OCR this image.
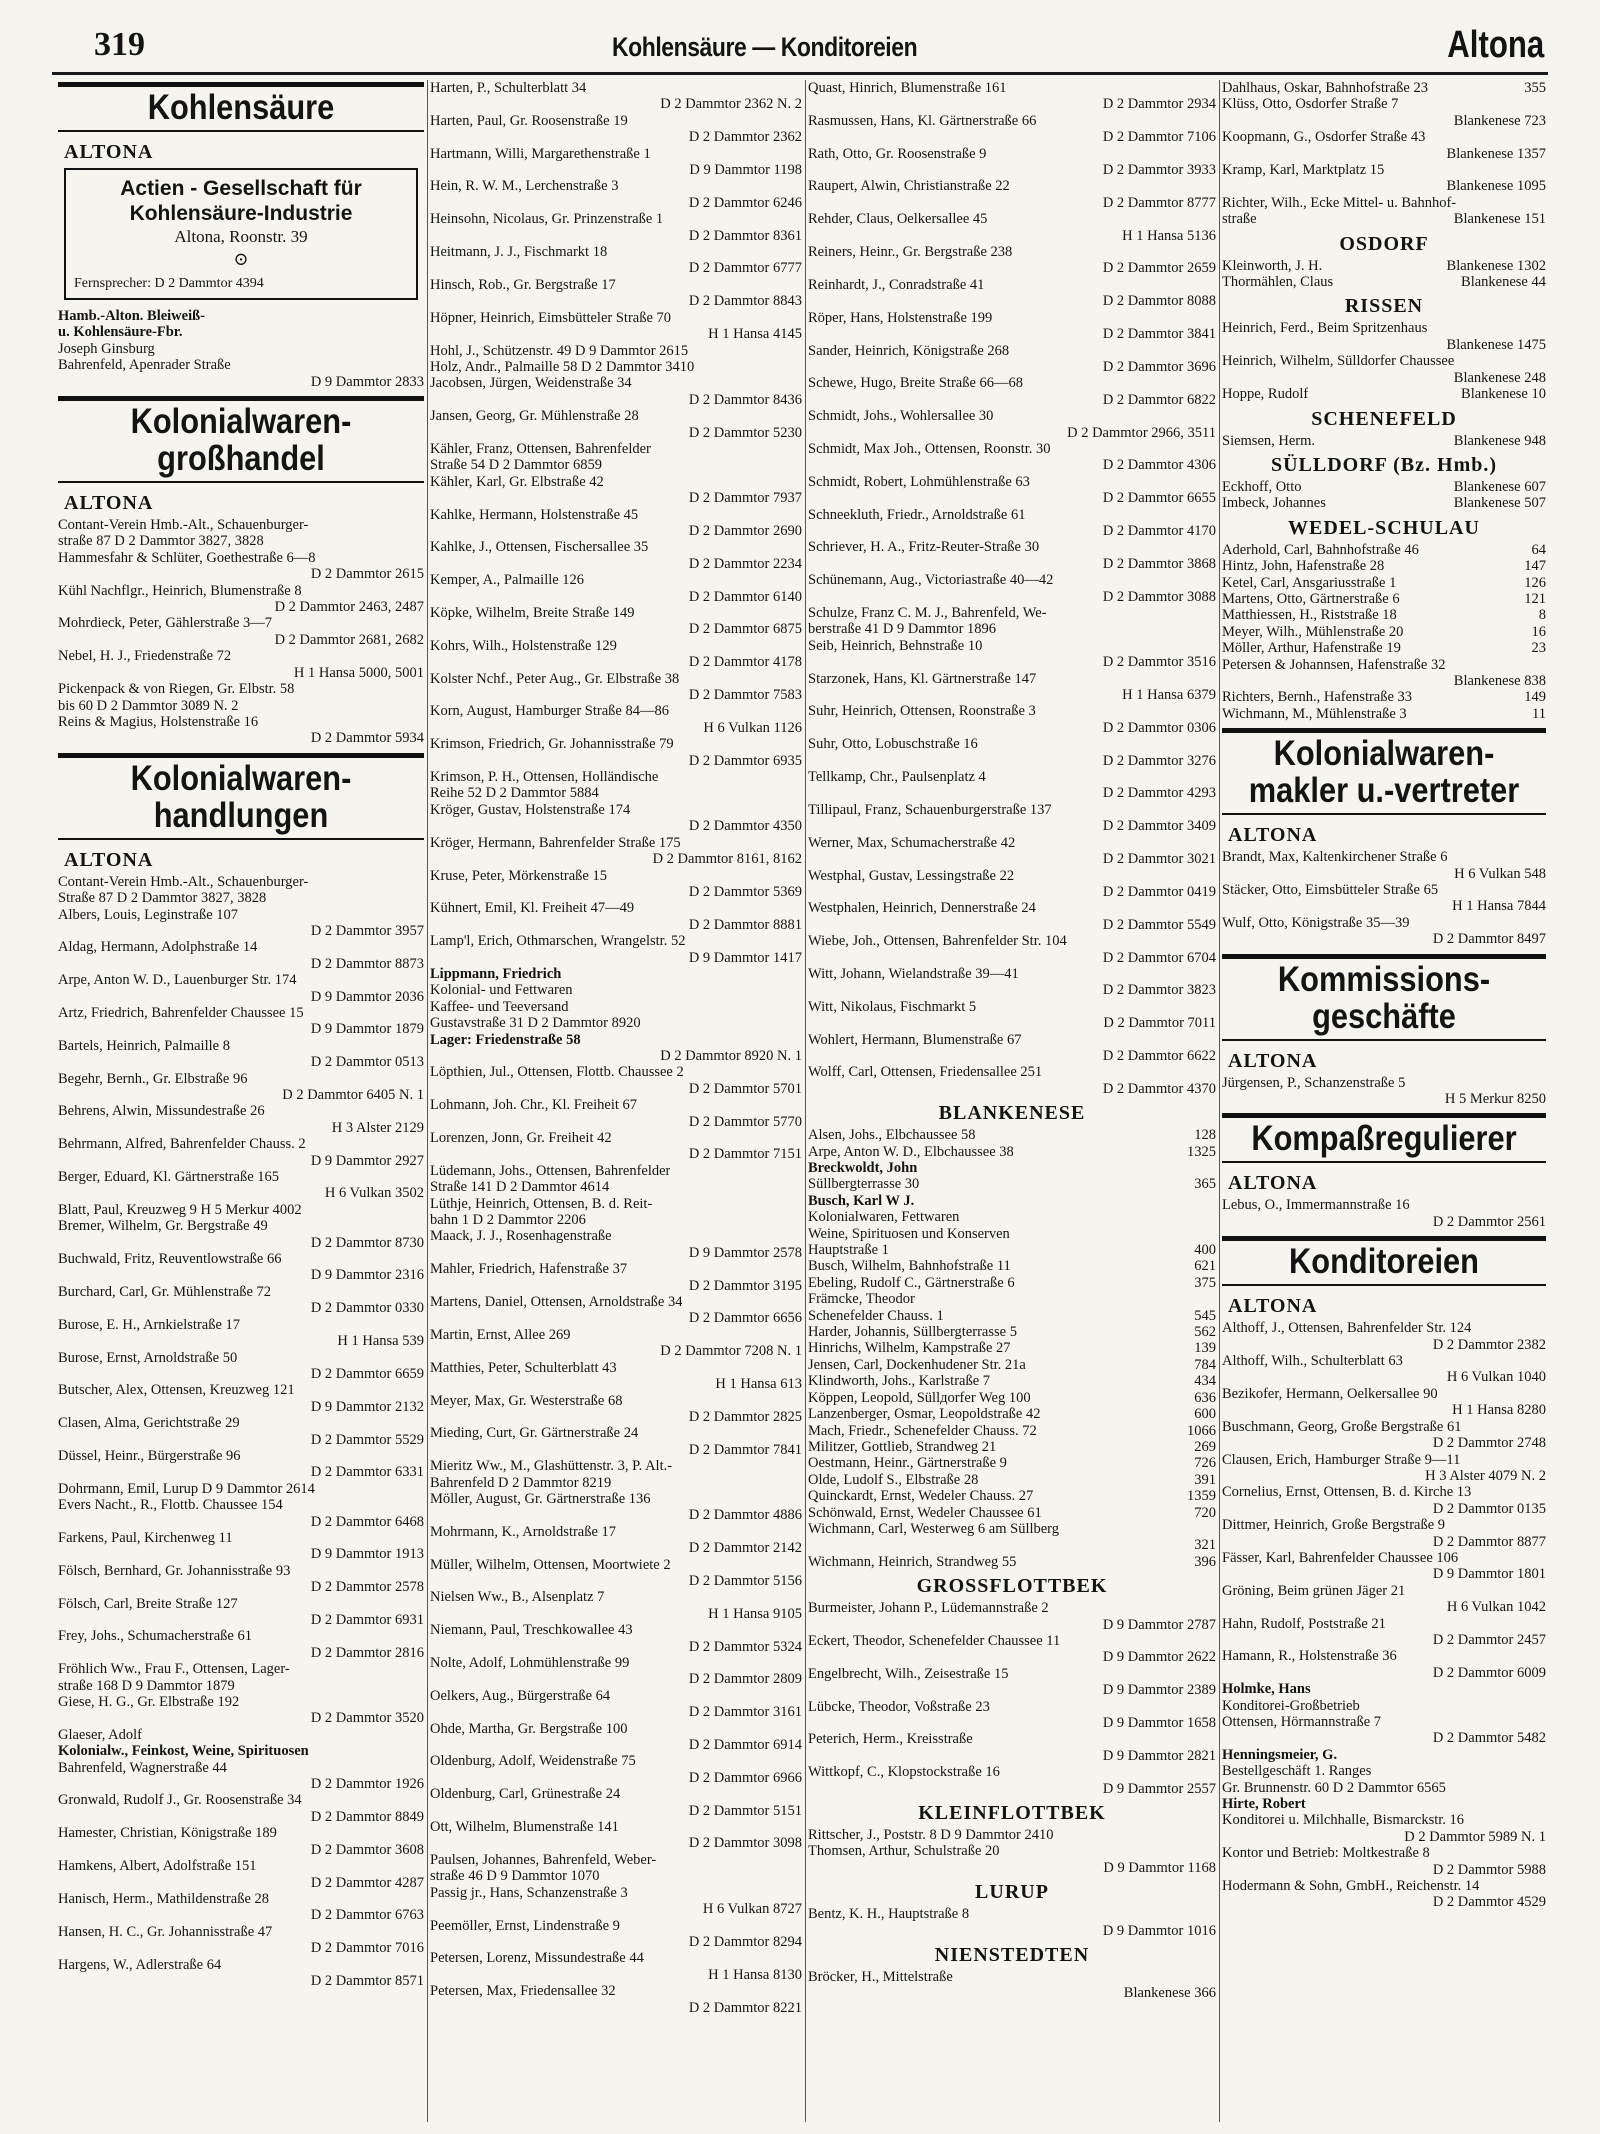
319	Kohlensäure — Konditoreien	Altona
Kohlensäure
ALTONA
Actien - Gesellschaft für
Kohlensäure-Industrie
Altona, Roonstr. 39
⊙
Fernsprecher: D 2 Dammtor 4394
Hamb.-Alton. Bleiweiß-
u. Kohlensäure-Fbr.
Joseph Ginsburg
Bahrenfeld, Apenrader Straße
D 9 Dammtor 2833
Kolonialwaren-großhandel
ALTONA
Contant-Verein Hmb.-Alt., Schauenburger-
straße 87 D 2 Dammtor 3827, 3828
Hammesfahr & Schlüter, Goethestraße 6—8
D 2 Dammtor 2615
Kühl Nachflgr., Heinrich, Blumenstraße 8
D 2 Dammtor 2463, 2487
Mohrdieck, Peter, Gählerstraße 3—7
D 2 Dammtor 2681, 2682
Nebel, H. J., Friedenstraße 72
H 1 Hansa 5000, 5001
Pickenpack & von Riegen, Gr. Elbstr. 58
bis 60 D 2 Dammtor 3089 N. 2
Reins & Magius, Holstenstraße 16
D 2 Dammtor 5934
Kolonialwaren-handlungen
ALTONA
Contant-Verein Hmb.-Alt., Schauenburger-
Straße 87 D 2 Dammtor 3827, 3828
Albers, Louis, Leginstraße 107
D 2 Dammtor 3957
Aldag, Hermann, Adolphstraße 14
D 2 Dammtor 8873
Arpe, Anton W. D., Lauenburger Str. 174
D 9 Dammtor 2036
Artz, Friedrich, Bahrenfelder Chaussee 15
D 9 Dammtor 1879
Bartels, Heinrich, Palmaille 8
D 2 Dammtor 0513
Begehr, Bernh., Gr. Elbstraße 96
D 2 Dammtor 6405 N. 1
Behrens, Alwin, Missundestraße 26
H 3 Alster 2129
Behrmann, Alfred, Bahrenfelder Chauss. 2
D 9 Dammtor 2927
Berger, Eduard, Kl. Gärtnerstraße 165
H 6 Vulkan 3502
Blatt, Paul, Kreuzweg 9 H 5 Merkur 4002
Bremer, Wilhelm, Gr. Bergstraße 49
D 2 Dammtor 8730
Buchwald, Fritz, Reuventlowstraße 66
D 9 Dammtor 2316
Burchard, Carl, Gr. Mühlenstraße 72
D 2 Dammtor 0330
Burose, E. H., Arnkielstraße 17
H 1 Hansa 539
Burose, Ernst, Arnoldstraße 50
D 2 Dammtor 6659
Butscher, Alex, Ottensen, Kreuzweg 121
D 9 Dammtor 2132
Clasen, Alma, Gerichtstraße 29
D 2 Dammtor 5529
Düssel, Heinr., Bürgerstraße 96
D 2 Dammtor 6331
Dohrmann, Emil, Lurup D 9 Dammtor 2614
Evers Nacht., R., Flottb. Chaussee 154
D 2 Dammtor 6468
Farkens, Paul, Kirchenweg 11
D 9 Dammtor 1913
Fölsch, Bernhard, Gr. Johannisstraße 93
D 2 Dammtor 2578
Fölsch, Carl, Breite Straße 127
D 2 Dammtor 6931
Frey, Johs., Schumacherstraße 61
D 2 Dammtor 2816
Fröhlich Ww., Frau F., Ottensen, Lager-
straße 168 D 9 Dammtor 1879
Giese, H. G., Gr. Elbstraße 192
D 2 Dammtor 3520
Glaeser, Adolf
Kolonialw., Feinkost, Weine, Spirituosen
Bahrenfeld, Wagnerstraße 44
D 2 Dammtor 1926
Gronwald, Rudolf J., Gr. Roosenstraße 34
D 2 Dammtor 8849
Hamester, Christian, Königstraße 189
D 2 Dammtor 3608
Hamkens, Albert, Adolfstraße 151
D 2 Dammtor 4287
Hanisch, Herm., Mathildenstraße 28
D 2 Dammtor 6763
Hansen, H. C., Gr. Johannisstraße 47
D 2 Dammtor 7016
Hargens, W., Adlerstraße 64
D 2 Dammtor 8571
Harten, P., Schulterblatt 34
D 2 Dammtor 2362 N. 2
Harten, Paul, Gr. Roosenstraße 19
D 2 Dammtor 2362
Hartmann, Willi, Margarethenstraße 1
D 9 Dammtor 1198
Hein, R. W. M., Lerchenstraße 3
D 2 Dammtor 6246
Heinsohn, Nicolaus, Gr. Prinzenstraße 1
D 2 Dammtor 8361
Heitmann, J. J., Fischmarkt 18
D 2 Dammtor 6777
Hinsch, Rob., Gr. Bergstraße 17
D 2 Dammtor 8843
Höpner, Heinrich, Eimsbütteler Straße 70
H 1 Hansa 4145
Hohl, J., Schützenstr. 49 D 9 Dammtor 2615
Holz, Andr., Palmaille 58 D 2 Dammtor 3410
Jacobsen, Jürgen, Weidenstraße 34
D 2 Dammtor 8436
Jansen, Georg, Gr. Mühlenstraße 28
D 2 Dammtor 5230
Kähler, Franz, Ottensen, Bahrenfelder
Straße 54 D 2 Dammtor 6859
Kähler, Karl, Gr. Elbstraße 42
D 2 Dammtor 7937
Kahlke, Hermann, Holstenstraße 45
D 2 Dammtor 2690
Kahlke, J., Ottensen, Fischersallee 35
D 2 Dammtor 2234
Kemper, A., Palmaille 126
D 2 Dammtor 6140
Köpke, Wilhelm, Breite Straße 149
D 2 Dammtor 6875
Kohrs, Wilh., Holstenstraße 129
D 2 Dammtor 4178
Kolster Nchf., Peter Aug., Gr. Elbstraße 38
D 2 Dammtor 7583
Korn, August, Hamburger Straße 84—86
H 6 Vulkan 1126
Krimson, Friedrich, Gr. Johannisstraße 79
D 2 Dammtor 6935
Krimson, P. H., Ottensen, Holländische
Reihe 52 D 2 Dammtor 5884
Kröger, Gustav, Holstenstraße 174
D 2 Dammtor 4350
Kröger, Hermann, Bahrenfelder Straße 175
D 2 Dammtor 8161, 8162
Kruse, Peter, Mörkenstraße 15
D 2 Dammtor 5369
Kühnert, Emil, Kl. Freiheit 47—49
D 2 Dammtor 8881
Lamp'l, Erich, Othmarschen, Wrangelstr. 52
D 9 Dammtor 1417
Lippmann, Friedrich
Kolonial- und Fettwaren
Kaffee- und Teeversand
Gustavstraße 31 D 2 Dammtor 8920
Lager: Friedenstraße 58
D 2 Dammtor 8920 N. 1
Löpthien, Jul., Ottensen, Flottb. Chaussee 2
D 2 Dammtor 5701
Lohmann, Joh. Chr., Kl. Freiheit 67
D 2 Dammtor 5770
Lorenzen, Jonn, Gr. Freiheit 42
D 2 Dammtor 7151
Lüdemann, Johs., Ottensen, Bahrenfelder
Straße 141 D 2 Dammtor 4614
Lüthje, Heinrich, Ottensen, B. d. Reit-
bahn 1 D 2 Dammtor 2206
Maack, J. J., Rosenhagenstraße
D 9 Dammtor 2578
Mahler, Friedrich, Hafenstraße 37
D 2 Dammtor 3195
Martens, Daniel, Ottensen, Arnoldstraße 34
D 2 Dammtor 6656
Martin, Ernst, Allee 269
D 2 Dammtor 7208 N. 1
Matthies, Peter, Schulterblatt 43
H 1 Hansa 613
Meyer, Max, Gr. Westerstraße 68
D 2 Dammtor 2825
Mieding, Curt, Gr. Gärtnerstraße 24
D 2 Dammtor 7841
Mieritz Ww., M., Glashüttenstr. 3, P. Alt.-
Bahrenfeld D 2 Dammtor 8219
Möller, August, Gr. Gärtnerstraße 136
D 2 Dammtor 4886
Mohrmann, K., Arnoldstraße 17
D 2 Dammtor 2142
Müller, Wilhelm, Ottensen, Moortwiete 2
D 2 Dammtor 5156
Nielsen Ww., B., Alsenplatz 7
H 1 Hansa 9105
Niemann, Paul, Treschkowallee 43
D 2 Dammtor 5324
Nolte, Adolf, Lohmühlenstraße 99
D 2 Dammtor 2809
Oelkers, Aug., Bürgerstraße 64
D 2 Dammtor 3161
Ohde, Martha, Gr. Bergstraße 100
D 2 Dammtor 6914
Oldenburg, Adolf, Weidenstraße 75
D 2 Dammtor 6966
Oldenburg, Carl, Grünestraße 24
D 2 Dammtor 5151
Ott, Wilhelm, Blumenstraße 141
D 2 Dammtor 3098
Paulsen, Johannes, Bahrenfeld, Weber-
straße 46 D 9 Dammtor 1070
Passig jr., Hans, Schanzenstraße 3
H 6 Vulkan 8727
Peemöller, Ernst, Lindenstraße 9
D 2 Dammtor 8294
Petersen, Lorenz, Missundestraße 44
H 1 Hansa 8130
Petersen, Max, Friedensallee 32
D 2 Dammtor 8221
Quast, Hinrich, Blumenstraße 161
D 2 Dammtor 2934
Rasmussen, Hans, Kl. Gärtnerstraße 66
D 2 Dammtor 7106
Rath, Otto, Gr. Roosenstraße 9
D 2 Dammtor 3933
Raupert, Alwin, Christianstraße 22
D 2 Dammtor 8777
Rehder, Claus, Oelkersallee 45
H 1 Hansa 5136
Reiners, Heinr., Gr. Bergstraße 238
D 2 Dammtor 2659
Reinhardt, J., Conradstraße 41
D 2 Dammtor 8088
Röper, Hans, Holstenstraße 199
D 2 Dammtor 3841
Sander, Heinrich, Königstraße 268
D 2 Dammtor 3696
Schewe, Hugo, Breite Straße 66—68
D 2 Dammtor 6822
Schmidt, Johs., Wohlersallee 30
D 2 Dammtor 2966, 3511
Schmidt, Max Joh., Ottensen, Roonstr. 30
D 2 Dammtor 4306
Schmidt, Robert, Lohmühlenstraße 63
D 2 Dammtor 6655
Schneekluth, Friedr., Arnoldstraße 61
D 2 Dammtor 4170
Schriever, H. A., Fritz-Reuter-Straße 30
D 2 Dammtor 3868
Schünemann, Aug., Victoriastraße 40—42
D 2 Dammtor 3088
Schulze, Franz C. M. J., Bahrenfeld, We-
berstraße 41 D 9 Dammtor 1896
Seib, Heinrich, Behnstraße 10
D 2 Dammtor 3516
Starzonek, Hans, Kl. Gärtnerstraße 147
H 1 Hansa 6379
Suhr, Heinrich, Ottensen, Roonstraße 3
D 2 Dammtor 0306
Suhr, Otto, Lobuschstraße 16
D 2 Dammtor 3276
Tellkamp, Chr., Paulsenplatz 4
D 2 Dammtor 4293
Tillipaul, Franz, Schauenburgerstraße 137
D 2 Dammtor 3409
Werner, Max, Schumacherstraße 42
D 2 Dammtor 3021
Westphal, Gustav, Lessingstraße 22
D 2 Dammtor 0419
Westphalen, Heinrich, Dennerstraße 24
D 2 Dammtor 5549
Wiebe, Joh., Ottensen, Bahrenfelder Str. 104
D 2 Dammtor 6704
Witt, Johann, Wielandstraße 39—41
D 2 Dammtor 3823
Witt, Nikolaus, Fischmarkt 5
D 2 Dammtor 7011
Wohlert, Hermann, Blumenstraße 67
D 2 Dammtor 6622
Wolff, Carl, Ottensen, Friedensallee 251
D 2 Dammtor 4370
BLANKENESE
Alsen, Johs., Elbchaussee 58	128
Arpe, Anton W. D., Elbchaussee 38	1325
Breckwoldt, John
Süllbergterrasse 30	365
Busch, Karl W J.
Kolonialwaren, Fettwaren
Weine, Spirituosen und Konserven
Hauptstraße 1	400
Busch, Wilhelm, Bahnhofstraße 11	621
Ebeling, Rudolf C., Gärtnerstraße 6	375
Främcke, Theodor
Schenefelder Chauss. 1	545
Harder, Johannis, Süllbergterrasse 5	562
Hinrichs, Wilhelm, Kampstraße 27	139
Jensen, Carl, Dockenhudener Str. 21a	784
Klindworth, Johs., Karlstraße 7	434
Köppen, Leopold, Süllдorfer Weg 100	636
Lanzenberger, Osmar, Leopoldstraße 42	600
Mach, Friedr., Schenefelder Chauss. 72	1066
Militzer, Gottlieb, Strandweg 21	269
Oestmann, Heinr., Gärtnerstraße 9	726
Olde, Ludolf S., Elbstraße 28	391
Quinckardt, Ernst, Wedeler Chauss. 27	1359
Schönwald, Ernst, Wedeler Chaussee 61	720
Wichmann, Carl, Westerweg 6 am Süllberg
321
Wichmann, Heinrich, Strandweg 55	396
GROSSFLOTTBEK
Burmeister, Johann P., Lüdemannstraße 2
D 9 Dammtor 2787
Eckert, Theodor, Schenefelder Chaussee 11
D 9 Dammtor 2622
Engelbrecht, Wilh., Zeisestraße 15
D 9 Dammtor 2389
Lübcke, Theodor, Voßstraße 23
D 9 Dammtor 1658
Peterich, Herm., Kreisstraße
D 9 Dammtor 2821
Wittkopf, C., Klopstockstraße 16
D 9 Dammtor 2557
KLEINFLOTTBEK
Rittscher, J., Poststr. 8 D 9 Dammtor 2410
Thomsen, Arthur, Schulstraße 20
D 9 Dammtor 1168
LURUP
Bentz, K. H., Hauptstraße 8
D 9 Dammtor 1016
NIENSTEDTEN
Bröcker, H., Mittelstraße
Blankenese 366
Dahlhaus, Oskar, Bahnhofstraße 23	355
Klüss, Otto, Osdorfer Straße 7
Blankenese 723
Koopmann, G., Osdorfer Straße 43
Blankenese 1357
Kramp, Karl, Marktplatz 15
Blankenese 1095
Richter, Wilh., Ecke Mittel- u. Bahnhof-
straße	Blankenese 151
OSDORF
Kleinworth, J. H.	Blankenese 1302
Thormählen, Claus	Blankenese 44
RISSEN
Heinrich, Ferd., Beim Spritzenhaus
Blankenese 1475
Heinrich, Wilhelm, Sülldorfer Chaussee
Blankenese 248
Hoppe, Rudolf	Blankenese 10
SCHENEFELD
Siemsen, Herm.	Blankenese 948
SÜLLDORF (Bz. Hmb.)
Eckhoff, Otto	Blankenese 607
Imbeck, Johannes	Blankenese 507
WEDEL-SCHULAU
Aderhold, Carl, Bahnhofstraße 46	64
Hintz, John, Hafenstraße 28	147
Ketel, Carl, Ansgariusstraße 1	126
Martens, Otto, Gärtnerstraße 6	121
Matthiessen, H., Riststraße 18	8
Meyer, Wilh., Mühlenstraße 20	16
Möller, Arthur, Hafenstraße 19	23
Petersen & Johannsen, Hafenstraße 32
Blankenese 838
Richters, Bernh., Hafenstraße 33	149
Wichmann, M., Mühlenstraße 3	11
Kolonialwaren-makler u.-vertreter
ALTONA
Brandt, Max, Kaltenkirchener Straße 6
H 6 Vulkan 548
Stäcker, Otto, Eimsbütteler Straße 65
H 1 Hansa 7844
Wulf, Otto, Königstraße 35—39
D 2 Dammtor 8497
Kommissions-geschäfte
ALTONA
Jürgensen, P., Schanzenstraße 5
H 5 Merkur 8250
Kompaßregulierer
ALTONA
Lebus, O., Immermannstraße 16
D 2 Dammtor 2561
Konditoreien
ALTONA
Althoff, J., Ottensen, Bahrenfelder Str. 124
D 2 Dammtor 2382
Althoff, Wilh., Schulterblatt 63
H 6 Vulkan 1040
Bezikofer, Hermann, Oelkersallee 90
H 1 Hansa 8280
Buschmann, Georg, Große Bergstraße 61
D 2 Dammtor 2748
Clausen, Erich, Hamburger Straße 9—11
H 3 Alster 4079 N. 2
Cornelius, Ernst, Ottensen, B. d. Kirche 13
D 2 Dammtor 0135
Dittmer, Heinrich, Große Bergstraße 9
D 2 Dammtor 8877
Fässer, Karl, Bahrenfelder Chaussee 106
D 9 Dammtor 1801
Gröning, Beim grünen Jäger 21
H 6 Vulkan 1042
Hahn, Rudolf, Poststraße 21
D 2 Dammtor 2457
Hamann, R., Holstenstraße 36
D 2 Dammtor 6009
Holmke, Hans
Konditorei-Großbetrieb
Ottensen, Hörmannstraße 7
D 2 Dammtor 5482
Henningsmeier, G.
Bestellgeschäft 1. Ranges
Gr. Brunnenstr. 60 D 2 Dammtor 6565
Hirte, Robert
Konditorei u. Milchhalle, Bismarckstr. 16
D 2 Dammtor 5989 N. 1
Kontor und Betrieb: Moltkestraße 8
D 2 Dammtor 5988
Hodermann & Sohn, GmbH., Reichenstr. 14
D 2 Dammtor 4529
